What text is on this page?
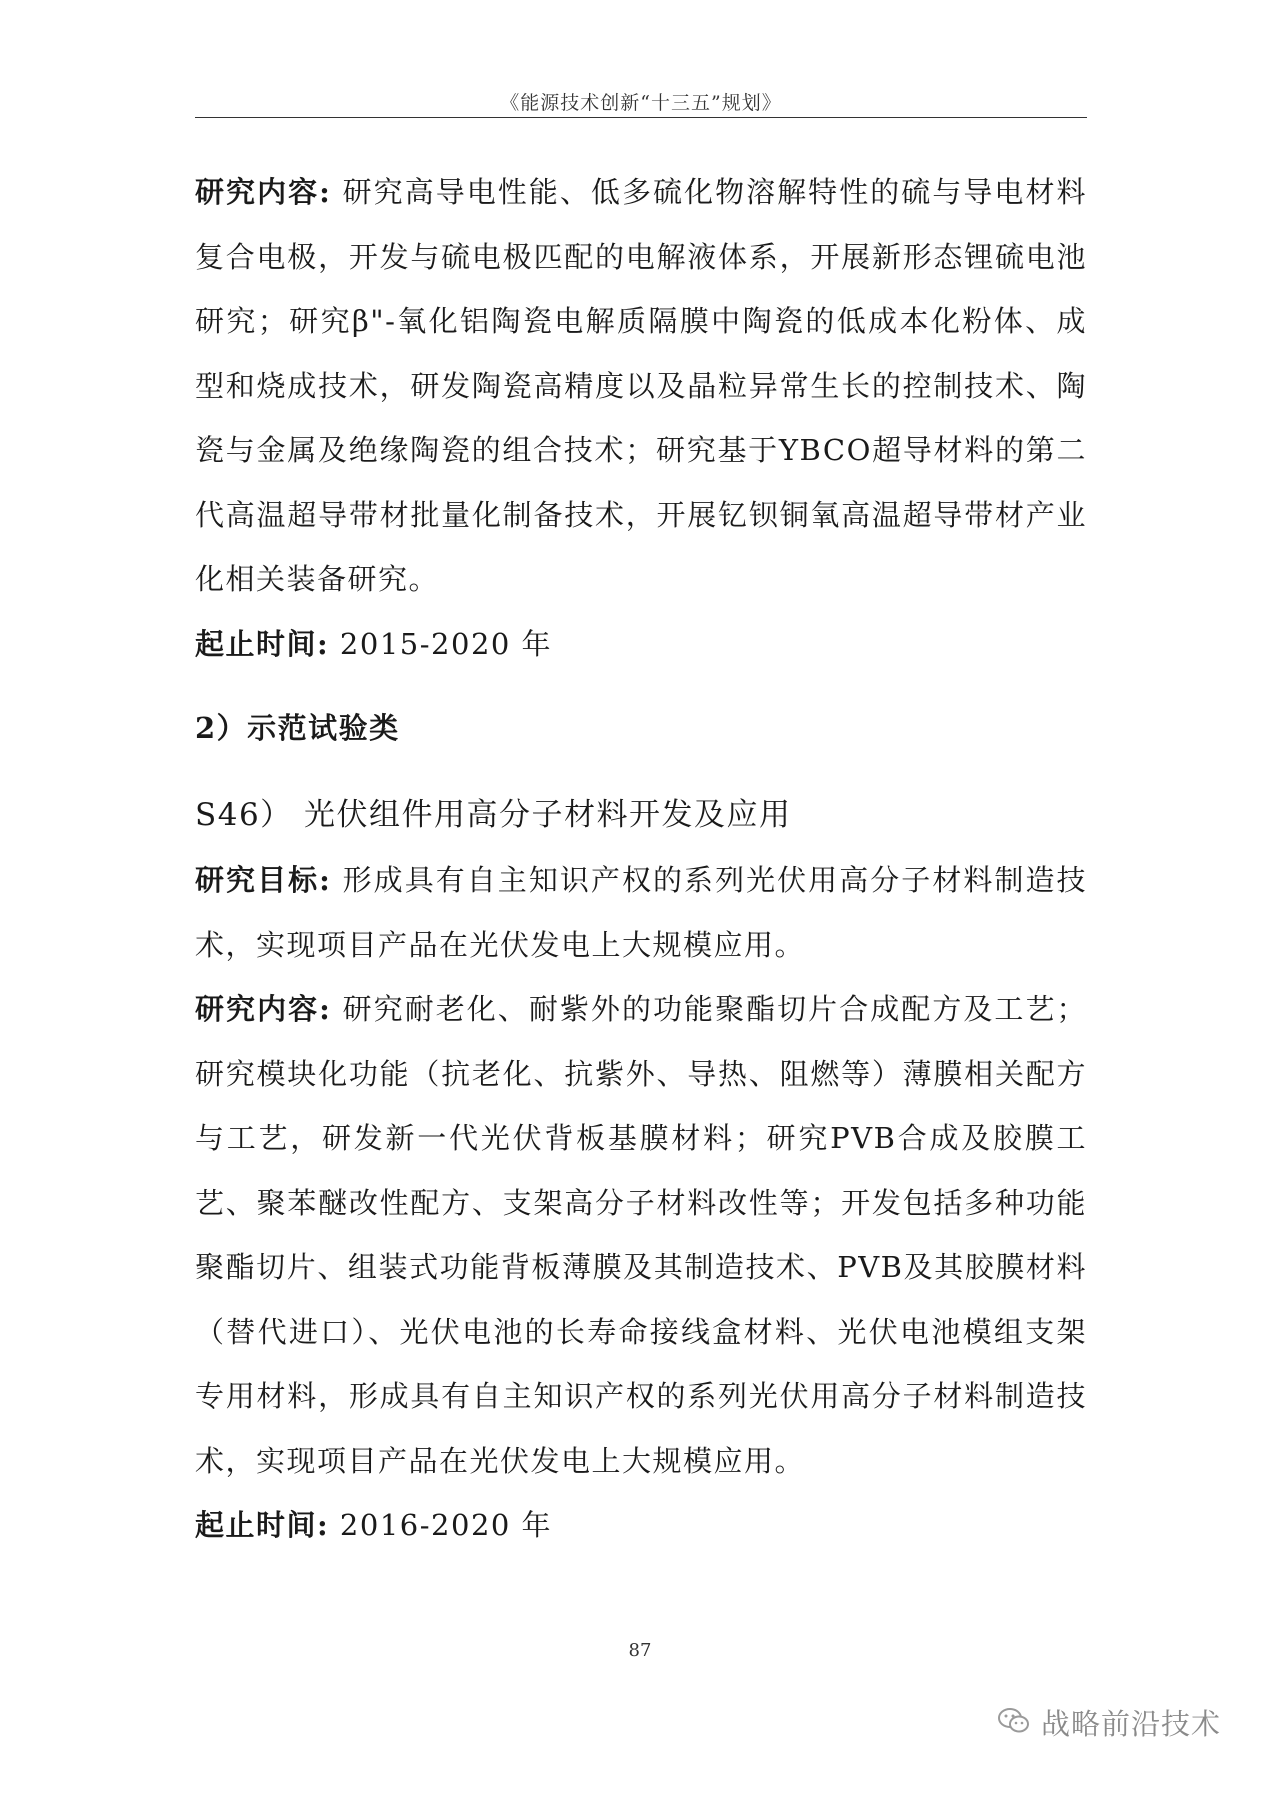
《能源技术创新“十三五”规划》

研究内容: 研究高导电性能、低多硫化物溶解特性的硫与导电材料复合电极，开发与硫电极匹配的电解液体系，开展新形态锂硫电池研究；研究β"-氧化铝陶瓷电解质隔膜中陶瓷的低成本化粉体、成型和烧成技术，研发陶瓷高精度以及晶粒异常生长的控制技术、陶瓷与金属及绝缘陶瓷的组合技术；研究基于YBCO超导材料的第二代高温超导带材批量化制备技术，开展钇钡铜氧高温超导带材产业化相关装备研究。

起止时间: 2015-2020 年

2）示范试验类

S46） 光伏组件用高分子材料开发及应用

研究目标: 形成具有自主知识产权的系列光伏用高分子材料制造技术，实现项目产品在光伏发电上大规模应用。

研究内容: 研究耐老化、耐紫外的功能聚酯切片合成配方及工艺；研究模块化功能（抗老化、抗紫外、导热、阻燃等）薄膜相关配方与工艺，研发新一代光伏背板基膜材料；研究PVB合成及胶膜工艺、聚苯醚改性配方、支架高分子材料改性等；开发包括多种功能聚酯切片、组装式功能背板薄膜及其制造技术、PVB及其胶膜材料（替代进口）、光伏电池的长寿命接线盒材料、光伏电池模组支架专用材料，形成具有自主知识产权的系列光伏用高分子材料制造技术，实现项目产品在光伏发电上大规模应用。

起止时间: 2016-2020 年

87
战略前沿技术
